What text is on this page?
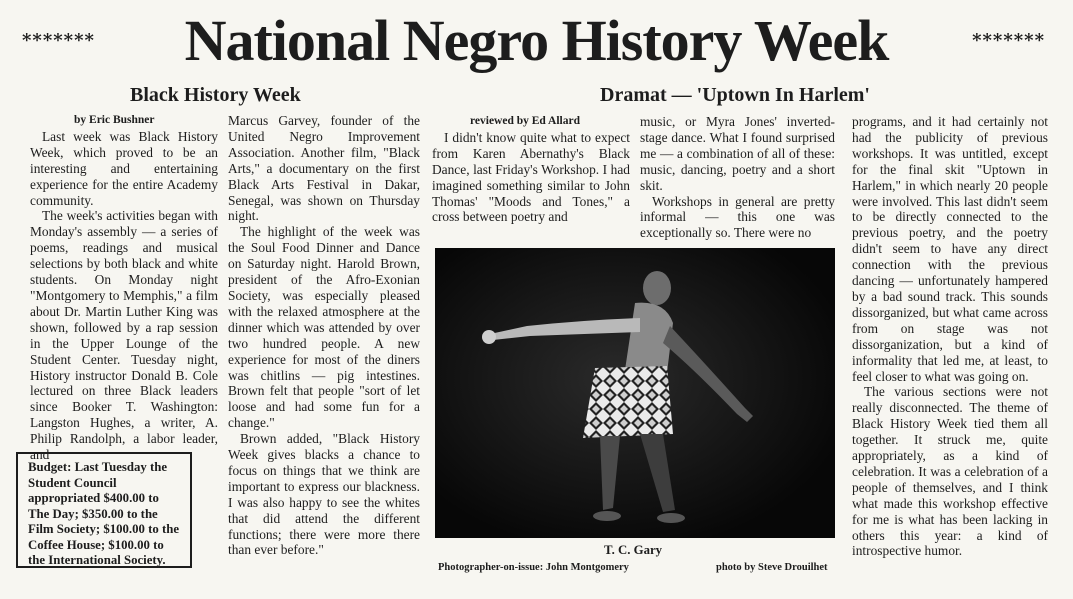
******* National Negro History Week	*******
Black History Week

by Eric Bushner

Last week was Black History Week, which proved to be an interesting and entertaining experience for the entire Academy community.

The week's activities began with Monday's assembly — a series of poems, readings and musical selections by both black and white students. On Monday night "Montgomery to Memphis," a film about Dr. Martin Luther King was shown, followed by a rap session in the Upper Lounge of the Student Center. Tuesday night, History instructor Donald B. Cole lectured on three Black leaders since Booker T. Washington: Langston Hughes, a writer, A. Philip Randolph, a labor leader, and

Budget: Last Tuesday the Student Council appropriated $400.00 to The Day; $350.00 to the Film Society; $100.00 to the Coffee House; $100.00 to the International Society.

Marcus Garvey, founder of the United Negro Improvement Association. Another film, "Black Arts," a documentary on the first Black Arts Festival in Dakar, Senegal, was shown on Thursday night.

The highlight of the week was the Soul Food Dinner and Dance on Saturday night. Harold Brown, president of the Afro-Exonian Society, was especially pleased with the relaxed atmosphere at the dinner which was attended by over two hundred people. A new experience for most of the diners was chitlins — pig intestines. Brown felt that people "sort of let loose and had some fun for a change."

Brown added, "Black History Week gives blacks a chance to focus on things that we think are important to express our blackness. I was also happy to see the whites that did attend the different functions; there were more there than ever before."

Dramat — 'Uptown In Harlem'

reviewed by Ed Allard

I didn't know quite what to expect from Karen Abernathy's Black Dance, last Friday's Workshop. I had imagined something similar to John Thomas' "Moods and Tones," a cross between poetry and

music, or Myra Jones' inverted-stage dance. What I found surprised me — a combination of all of these: music, dancing, poetry and a short skit.

Workshops in general are pretty informal — this one was exceptionally so. There were no

programs, and it had certainly not had the publicity of previous workshops. It was untitled, except for the final skit "Uptown in Harlem," in which nearly 20 people were involved. This last didn't seem to be directly connected to the previous poetry, and the poetry didn't seem to have any direct connection with the previous dancing — unfortunately hampered by a bad sound track. This sounds dissorganized, but what came across from on stage was not dissorganization, but a kind of informality that led me, at least, to feel closer to what was going on.

The various sections were not really disconnected. The theme of Black History Week tied them all together. It struck me, quite appropriately, as a kind of celebration. It was a celebration of a people of themselves, and I think what made this workshop effective for me is what has been lacking in others this year: a kind of introspective humor.

T. C. Gary
Photographer-on-issue: John Montgomery	photo by Steve Drouilhet
